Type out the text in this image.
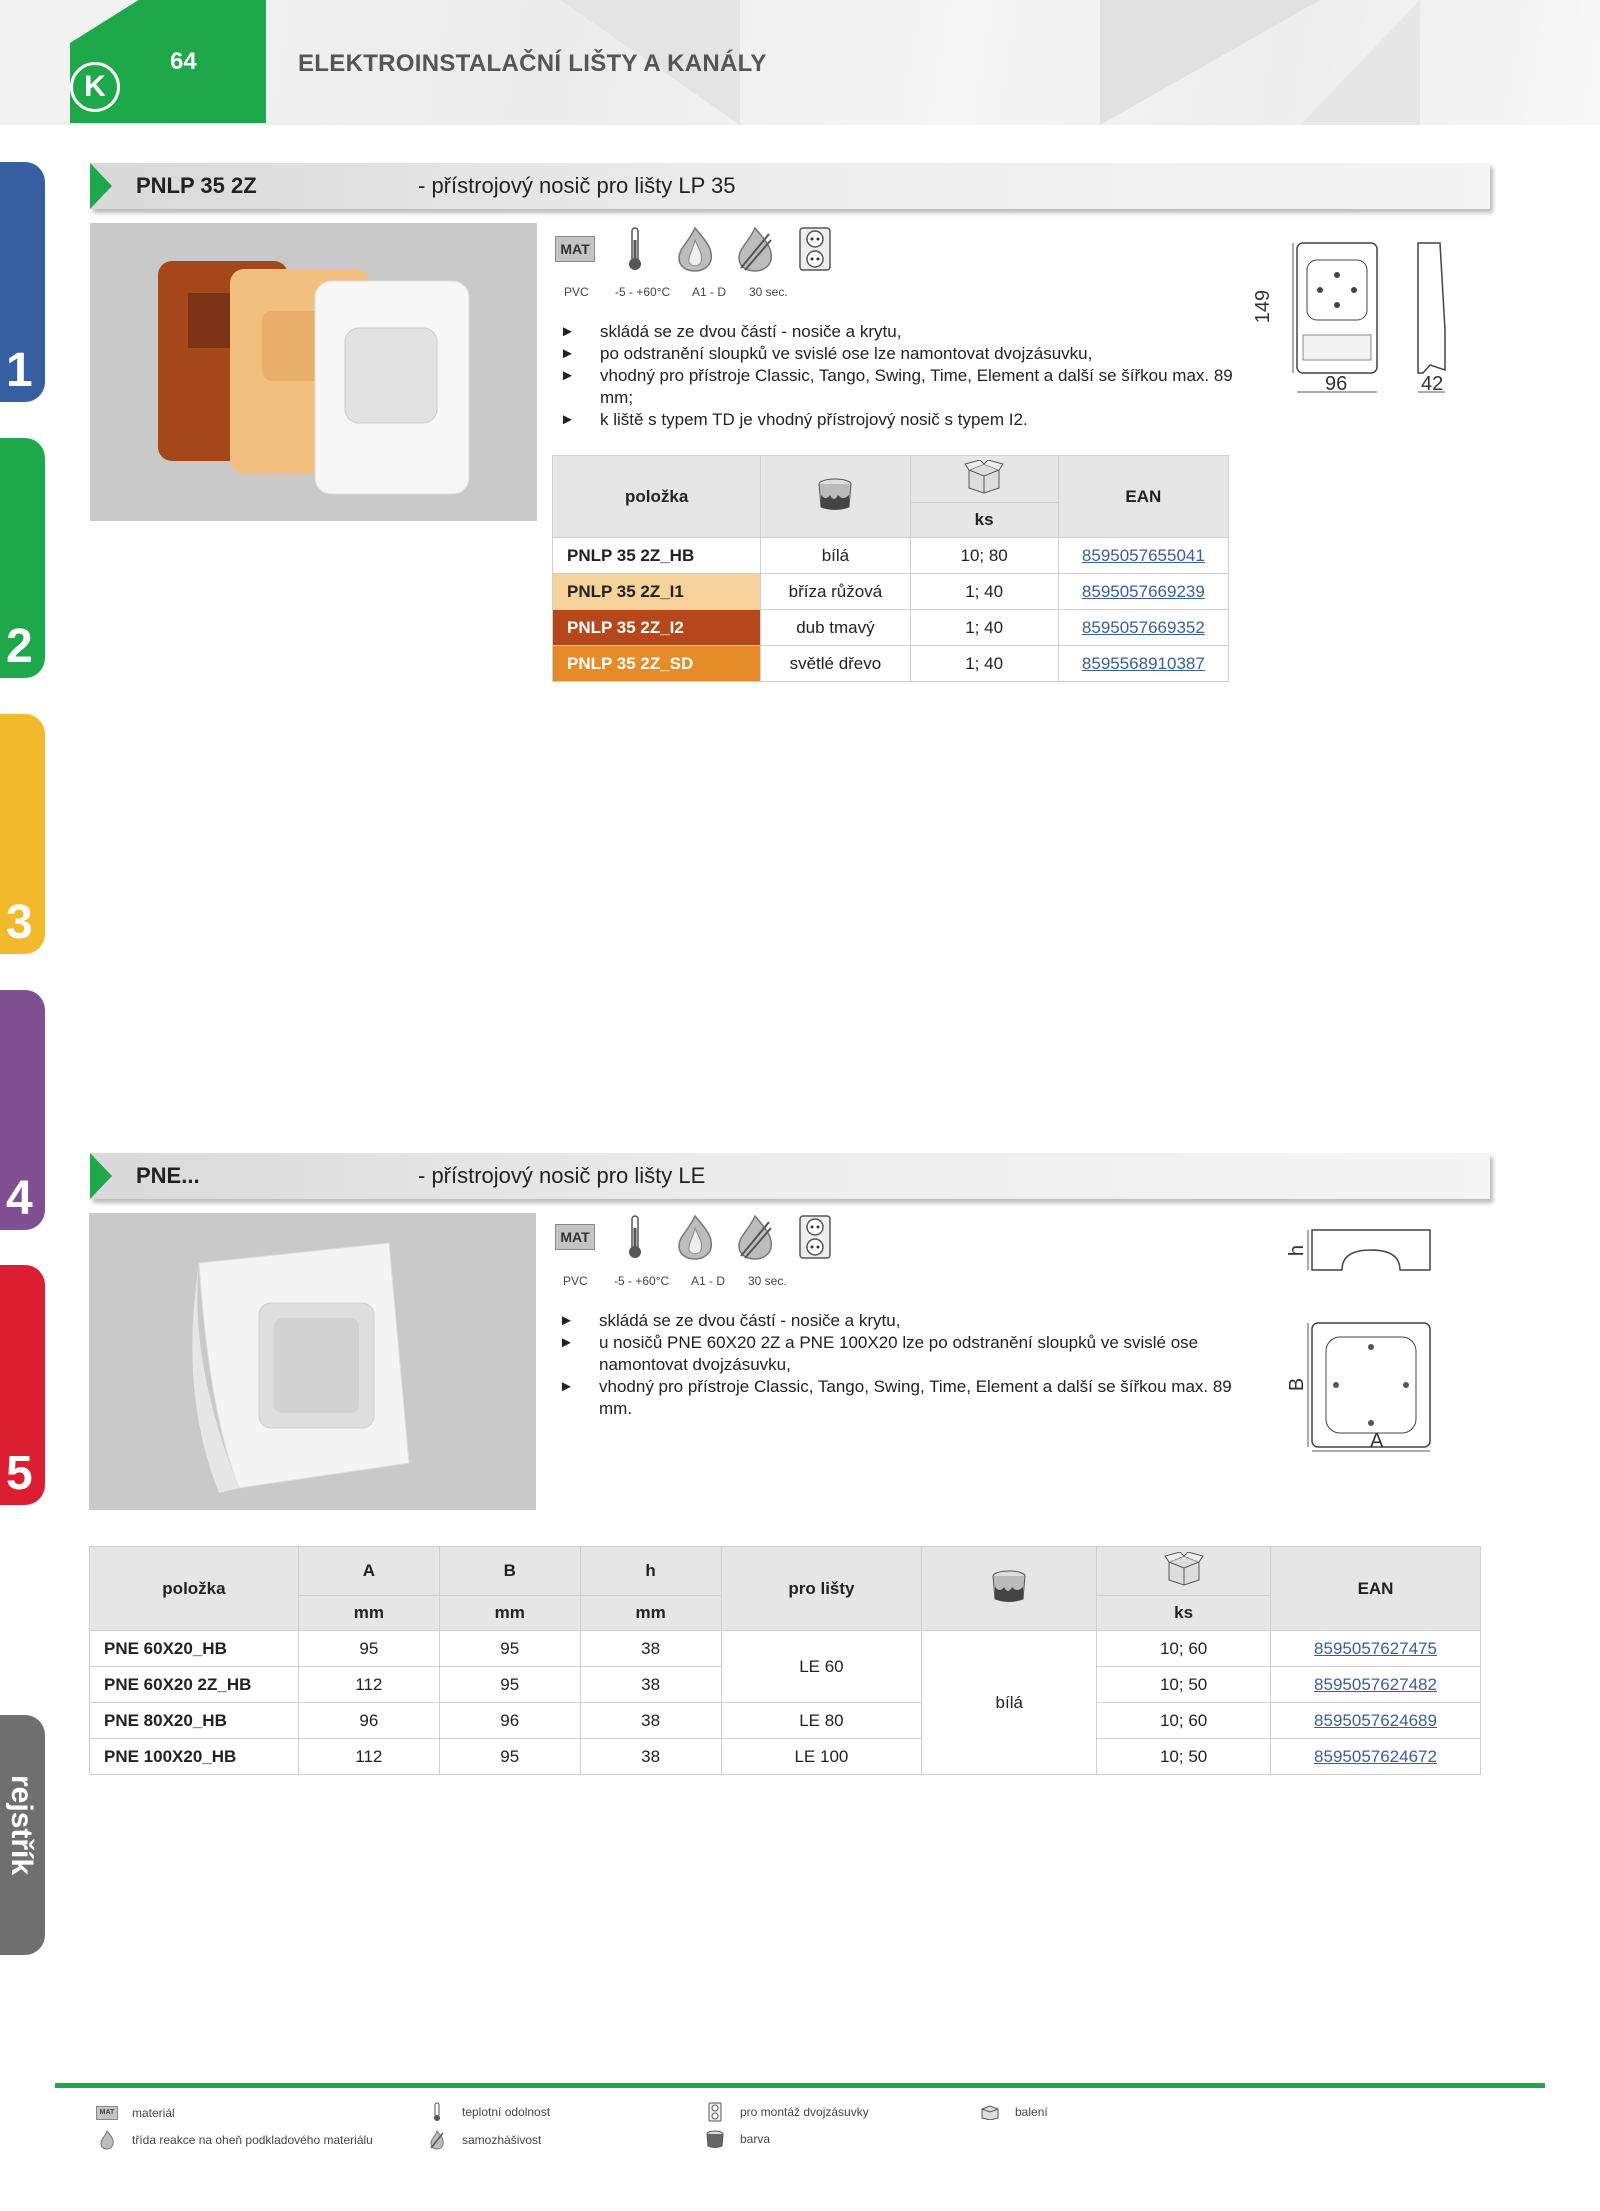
K
64	ELEKTROINSTALAČNÍ LIŠTY A KANÁLY
1
2
3
4
5
rejstřík
PNLP 35 2Z	- přístrojový nosič pro lišty LP 35
MAT
PVC -5 - +60°C A1 - D 30 sec.
► skládá se ze dvou částí - nosiče a krytu,
► po odstranění sloupků ve svislé ose lze namontovat dvojzásuvku,
► vhodný pro přístroje Classic, Tango, Swing, Time, Element a další se šířkou max. 89 mm;
► k liště s typem TD je vhodný přístrojový nosič s typem I2.
149
96	42
položka			EAN
		ks	
PNLP 35 2Z_HB	bílá	10; 80	8595057655041
PNLP 35 2Z_I1	bříza růžová	1; 40	8595057669239
PNLP 35 2Z_I2	dub tmavý	1; 40	8595057669352
PNLP 35 2Z_SD	světlé dřevo	1; 40	8595568910387
PNE...	- přístrojový nosič pro lišty LE
MAT
PVC -5 - +60°C A1 - D 30 sec.
► skládá se ze dvou částí - nosiče a krytu,
► u nosičů PNE 60X20 2Z a PNE 100X20 lze po odstranění sloupků ve svislé ose namontovat dvojzásuvku,
► vhodný pro přístroje Classic, Tango, Swing, Time, Element a další se šířkou max. 89 mm.
h
B
A
položka	A	B	h	pro lišty			EAN
	mm	mm	mm			ks	
PNE 60X20_HB	95	95	38	LE 60	bílá	10; 60	8595057627475
PNE 60X20 2Z_HB	112	95	38			10; 50	8595057627482
PNE 80X20_HB	96	96	38	LE 80		10; 60	8595057624689
PNE 100X20_HB	112	95	38	LE 100		10; 50	8595057624672
MAT	materiál	teplotní odolnost	pro montáž dvojzásuvky	balení
třída reakce na oheň podkladového materiálu	samozhášivost	barva
